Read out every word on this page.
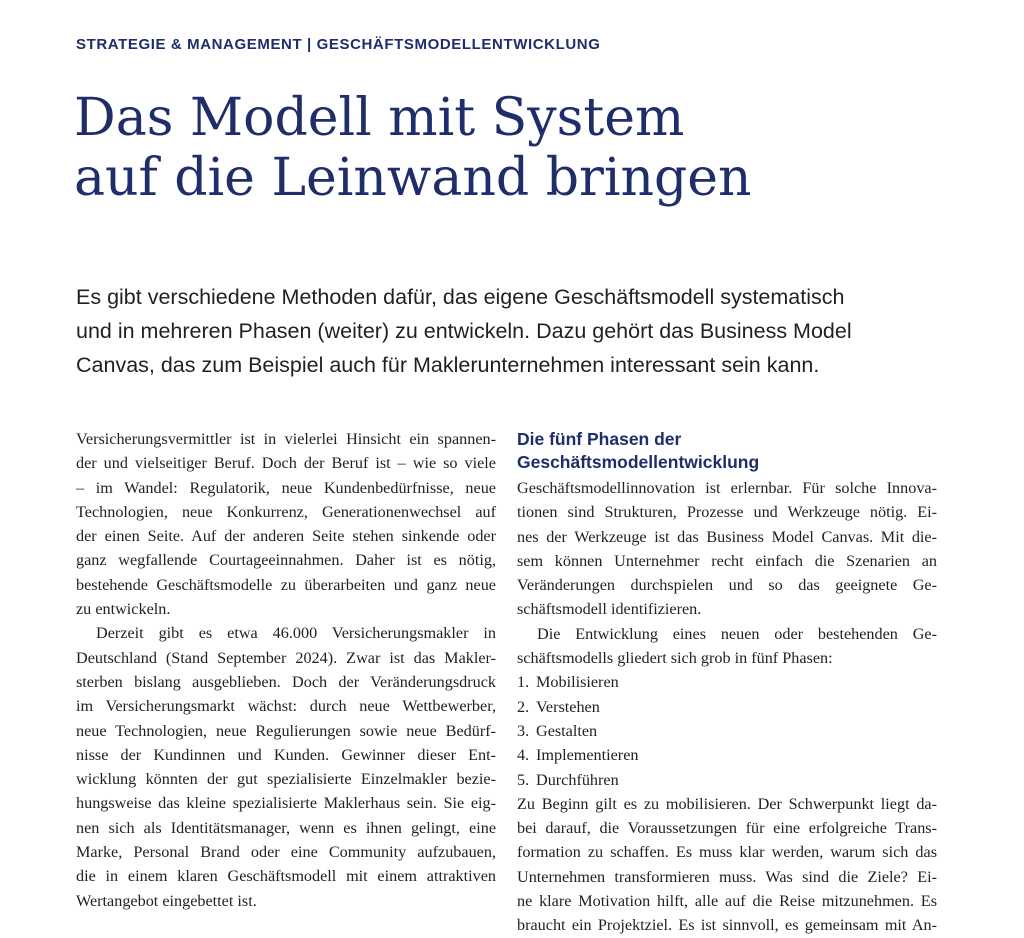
STRATEGIE & MANAGEMENT | GESCHÄFTSMODELLENTWICKLUNG
Das Modell mit System
auf die Leinwand bringen

Es gibt verschiedene Methoden dafür, das eigene Geschäftsmodell systematisch
und in mehreren Phasen (weiter) zu entwickeln. Dazu gehört das Business Model
Canvas, das zum Beispiel auch für Maklerunternehmen interessant sein kann.

Versicherungsvermittler ist in vielerlei Hinsicht ein spannen-
der und vielseitiger Beruf. Doch der Beruf ist – wie so viele
– im Wandel: Regulatorik, neue Kundenbedürfnisse, neue
Technologien, neue Konkurrenz, Generationenwechsel auf
der einen Seite. Auf der anderen Seite stehen sinkende oder
ganz wegfallende Courtageeinnahmen. Daher ist es nötig,
bestehende Geschäftsmodelle zu überarbeiten und ganz neue
zu entwickeln.
Derzeit gibt es etwa 46.000 Versicherungsmakler in
Deutschland (Stand September 2024). Zwar ist das Makler-
sterben bislang ausgeblieben. Doch der Veränderungsdruck
im Versicherungsmarkt wächst: durch neue Wettbewerber,
neue Technologien, neue Regulierungen sowie neue Bedürf-
nisse der Kundinnen und Kunden. Gewinner dieser Ent-
wicklung könnten der gut spezialisierte Einzelmakler bezie-
hungsweise das kleine spezialisierte Maklerhaus sein. Sie eig-
nen sich als Identitätsmanager, wenn es ihnen gelingt, eine
Marke, Personal Brand oder eine Community aufzubauen,
die in einem klaren Geschäftsmodell mit einem attraktiven
Wertangebot eingebettet ist.
Die fünf Phasen der
Geschäftsmodellentwicklung
Geschäftsmodellinnovation ist erlernbar. Für solche Innova-
tionen sind Strukturen, Prozesse und Werkzeuge nötig. Ei-
nes der Werkzeuge ist das Business Model Canvas. Mit die-
sem können Unternehmer recht einfach die Szenarien an
Veränderungen durchspielen und so das geeignete Ge-
schäftsmodell identifizieren.
Die Entwicklung eines neuen oder bestehenden Ge-
schäftsmodells gliedert sich grob in fünf Phasen:
1. Mobilisieren
2. Verstehen
3. Gestalten
4. Implementieren
5. Durchführen
Zu Beginn gilt es zu mobilisieren. Der Schwerpunkt liegt da-
bei darauf, die Voraussetzungen für eine erfolgreiche Trans-
formation zu schaffen. Es muss klar werden, warum sich das
Unternehmen transformieren muss. Was sind die Ziele? Ei-
ne klare Motivation hilft, alle auf die Reise mitzunehmen. Es
braucht ein Projektziel. Es ist sinnvoll, es gemeinsam mit An-
